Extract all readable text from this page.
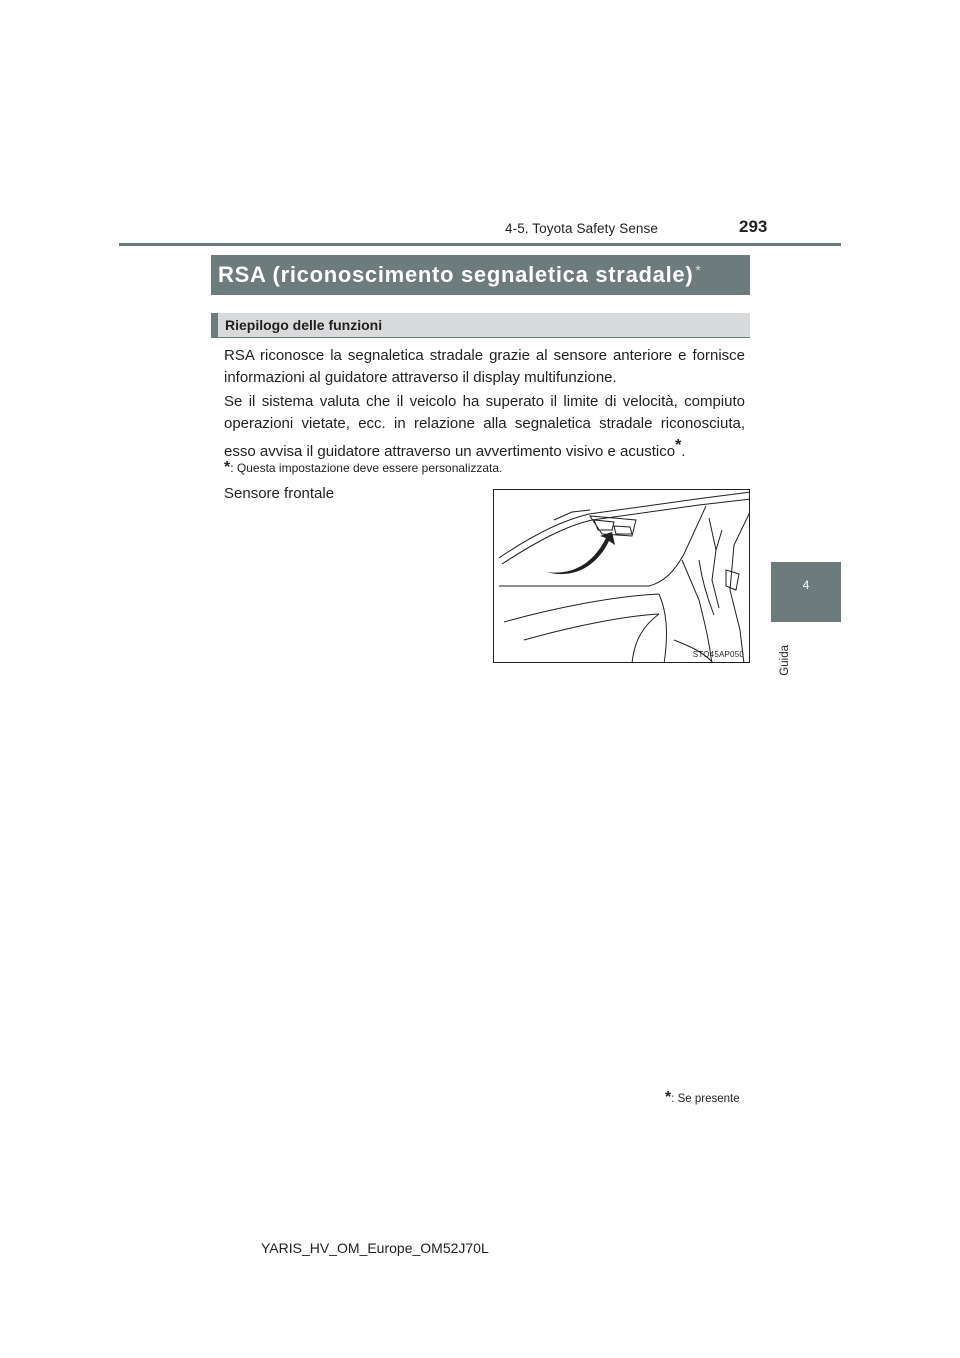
4-5. Toyota Safety Sense	293
4
Guida
RSA (riconoscimento segnaletica stradale) *
Riepilogo delle funzioni

RSA riconosce la segnaletica stradale grazie al sensore anteriore e fornisce informazioni al guidatore attraverso il display multifunzione.

Se il sistema valuta che il veicolo ha superato il limite di velocità, compiuto operazioni vietate, ecc. in relazione alla segnaletica stradale riconosciuta, esso avvisa il guidatore attraverso un avvertimento visivo e acustico*.

*: Questa impostazione deve essere personalizzata.
Sensore frontale
STO45AP050
*: Se presente
YARIS_HV_OM_Europe_OM52J70L
